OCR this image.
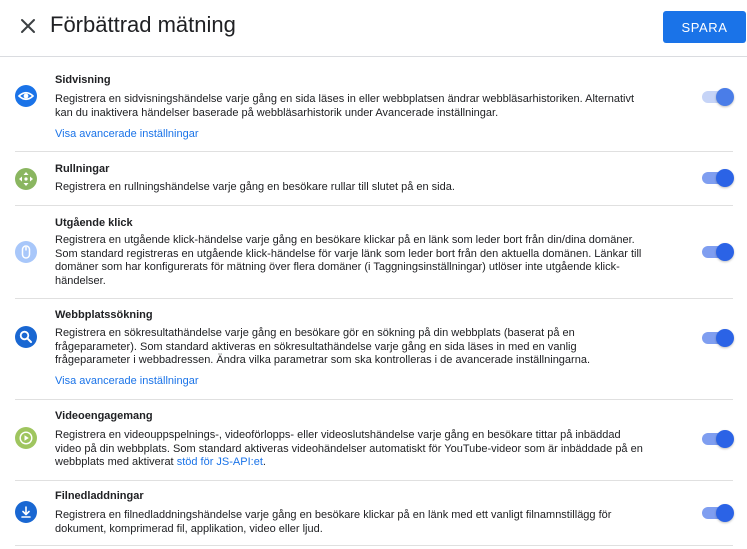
Förbättrad mätning	SPARA
Sidvisning
Registrera en sidvisningshändelse varje gång en sida läses in eller webbplatsen ändrar webbläsarhistoriken. Alternativt kan du inaktivera händelser baserade på webbläsarhistorik under Avancerade inställningar.
Visa avancerade inställningar
Rullningar
Registrera en rullningshändelse varje gång en besökare rullar till slutet på en sida.
Utgående klick
Registrera en utgående klick-händelse varje gång en besökare klickar på en länk som leder bort från din/dina domäner. Som standard registreras en utgående klick-händelse för varje länk som leder bort från den aktuella domänen. Länkar till domäner som har konfigurerats för mätning över flera domäner (i Taggningsinställningar) utlöser inte utgående klick-händelser.
Webbplatssökning
Registrera en sökresultathändelse varje gång en besökare gör en sökning på din webbplats (baserat på en frågeparameter). Som standard aktiveras en sökresultathändelse varje gång en sida läses in med en vanlig frågeparameter i webbadressen. Ändra vilka parametrar som ska kontrolleras i de avancerade inställningarna.
Visa avancerade inställningar
Videoengagemang
Registrera en videouppspelnings-, videoförlopps- eller videoslutshändelse varje gång en besökare tittar på inbäddad video på din webbplats. Som standard aktiveras videohändelser automatiskt för YouTube-videor som är inbäddade på en webbplats med aktiverat stöd för JS-API:et.
Filnedladdningar
Registrera en filnedladdningshändelse varje gång en besökare klickar på en länk med ett vanligt filnamnstillägg för dokument, komprimerad fil, applikation, video eller ljud.
